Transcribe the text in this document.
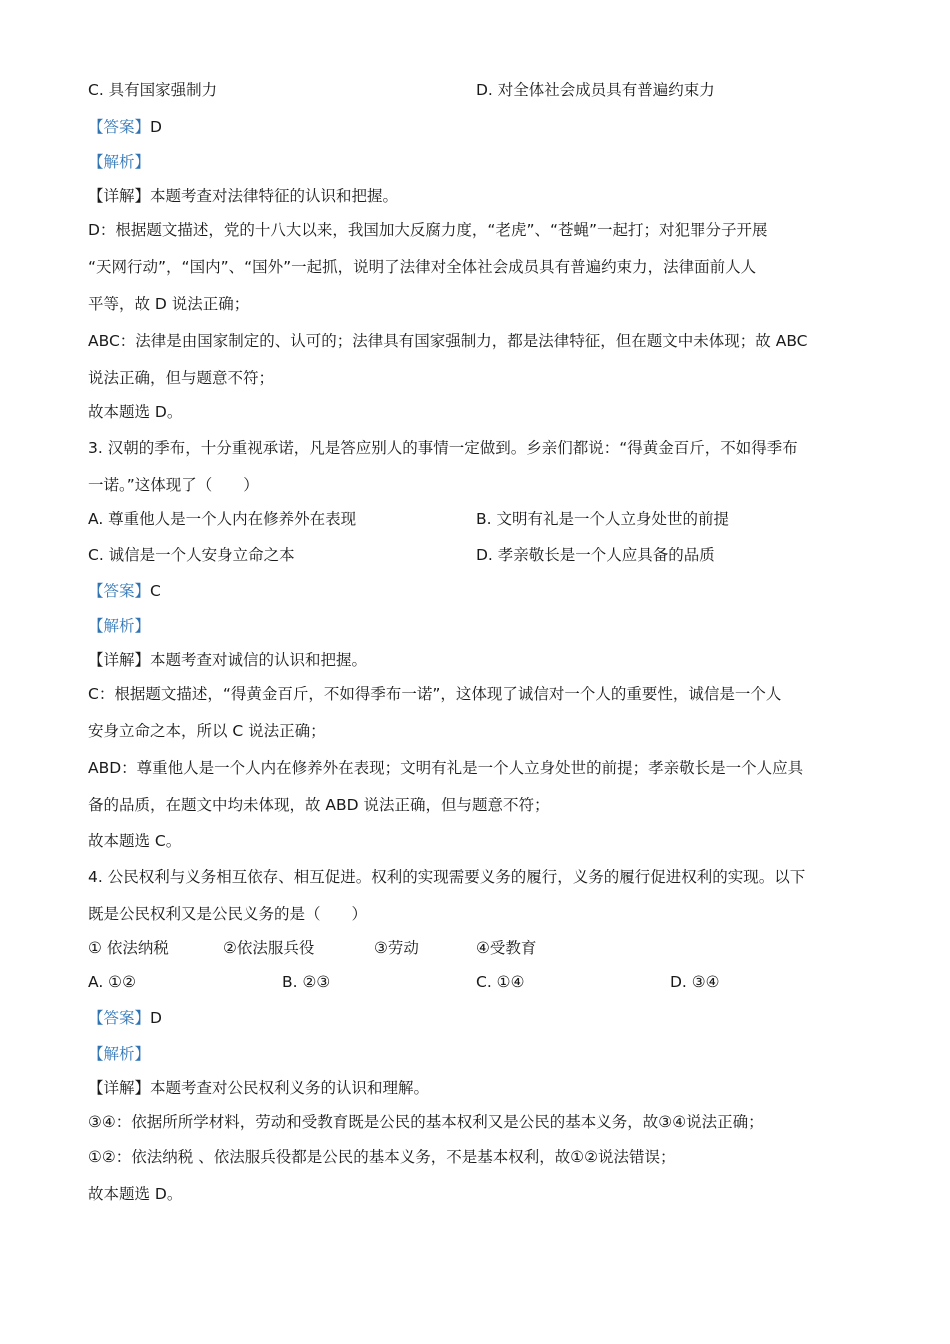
C. 具有国家强制力	D. 对全体社会成员具有普遍约束力
【答案】D
【解析】
【详解】本题考查对法律特征的认识和把握。
D：根据题文描述，党的十八大以来，我国加大反腐力度，“老虎”、“苍蝇”一起打；对犯罪分子开展
“天网行动”，“国内”、“国外”一起抓，说明了法律对全体社会成员具有普遍约束力，法律面前人人
平等，故 D 说法正确；
ABC：法律是由国家制定的、认可的；法律具有国家强制力，都是法律特征，但在题文中未体现；故 ABC
说法正确，但与题意不符；
故本题选 D。
3. 汉朝的季布，十分重视承诺，凡是答应别人的事情一定做到。乡亲们都说：“得黄金百斤，不如得季布
一诺。”这体现了（　　）
A. 尊重他人是一个人内在修养外在表现	B. 文明有礼是一个人立身处世的前提
C. 诚信是一个人安身立命之本	D. 孝亲敬长是一个人应具备的品质
【答案】C
【解析】
【详解】本题考查对诚信的认识和把握。
C：根据题文描述，“得黄金百斤，不如得季布一诺”，这体现了诚信对一个人的重要性，诚信是一个人
安身立命之本，所以 C 说法正确；
ABD：尊重他人是一个人内在修养外在表现；文明有礼是一个人立身处世的前提；孝亲敬长是一个人应具
备的品质，在题文中均未体现，故 ABD 说法正确，但与题意不符；
故本题选 C。
4. 公民权利与义务相互依存、相互促进。权利的实现需要义务的履行，义务的履行促进权利的实现。以下
既是公民权利又是公民义务的是（　　）
① 依法纳税	②依法服兵役	③劳动	④受教育
A. ①②	B. ②③	C. ①④	D. ③④
【答案】D
【解析】
【详解】本题考查对公民权利义务的认识和理解。
③④：依据所所学材料，劳动和受教育既是公民的基本权利又是公民的基本义务，故③④说法正确；
①②：依法纳税 、依法服兵役都是公民的基本义务，不是基本权利，故①②说法错误；
故本题选 D。
